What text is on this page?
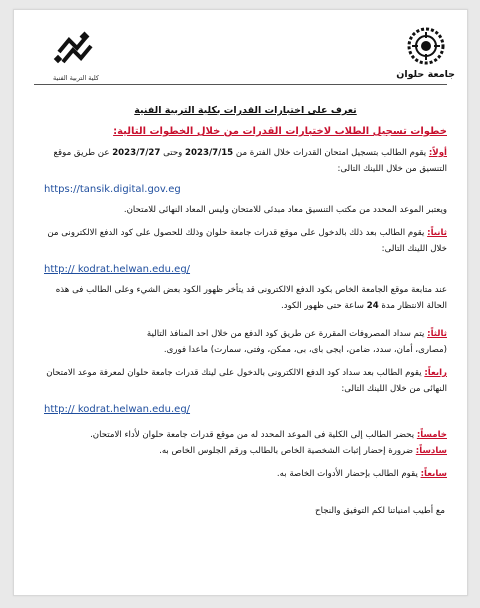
كلية التربية الفنية	جامعة حلوان

تعرف على اختبارات القدرات بكلية التربية الفنية

خطوات تسجيل الطلاب لاختبارات القدرات من خلال الخطوات التالية:

أولاً: يقوم الطالب بتسجيل امتحان القدرات خلال الفترة من 2023/7/15 وحتى 2023/7/27 عن طريق موقع التنسيق من خلال اللينك التالى:

https://tansik.digital.gov.eg

ويعتبر الموعد المحدد من مكتب التنسيق معاد مبدئى للامتحان وليس المعاد النهائى للامتحان.

ثانياً: يقوم الطالب بعد ذلك بالدخول على موقع قدرات جامعة حلوان وذلك للحصول على كود الدفع الالكترونى من خلال اللينك التالى:

http:// kodrat.helwan.edu.eg/

عند متابعة موقع الجامعة الخاص بكود الدفع الالكترونى قد يتأخر ظهور الكود بعض الشيء وعلى الطالب فى هذه الحالة الانتظار مدة 24 ساعة حتى ظهور الكود.

ثالثاً: يتم سداد المصروفات المقررة عن طريق كود الدفع من خلال احد المنافذ التالية

(مصارى، أمان، سدد، ضامن، ايجى باى، بى، ممكن، وفتى، سمارت) ماعدا فورى.

رابعاً: يقوم الطالب بعد سداد كود الدفع الالكترونى بالدخول على لينك قدرات جامعة حلوان لمعرفة موعد الامتحان النهائى من خلال اللينك التالى:

http:// kodrat.helwan.edu.eg/

خامساً: يحضر الطالب إلى الكلية فى الموعد المحدد له من موقع قدرات جامعة حلوان لأداء الامتحان.

سادساً: ضرورة إحضار إثبات الشخصية الخاص بالطالب ورقم الجلوس الخاص به.

سابعاً: يقوم الطالب بإحضار الأدوات الخاصة به.

مع أطيب امنياتنا لكم التوفيق والنجاح
